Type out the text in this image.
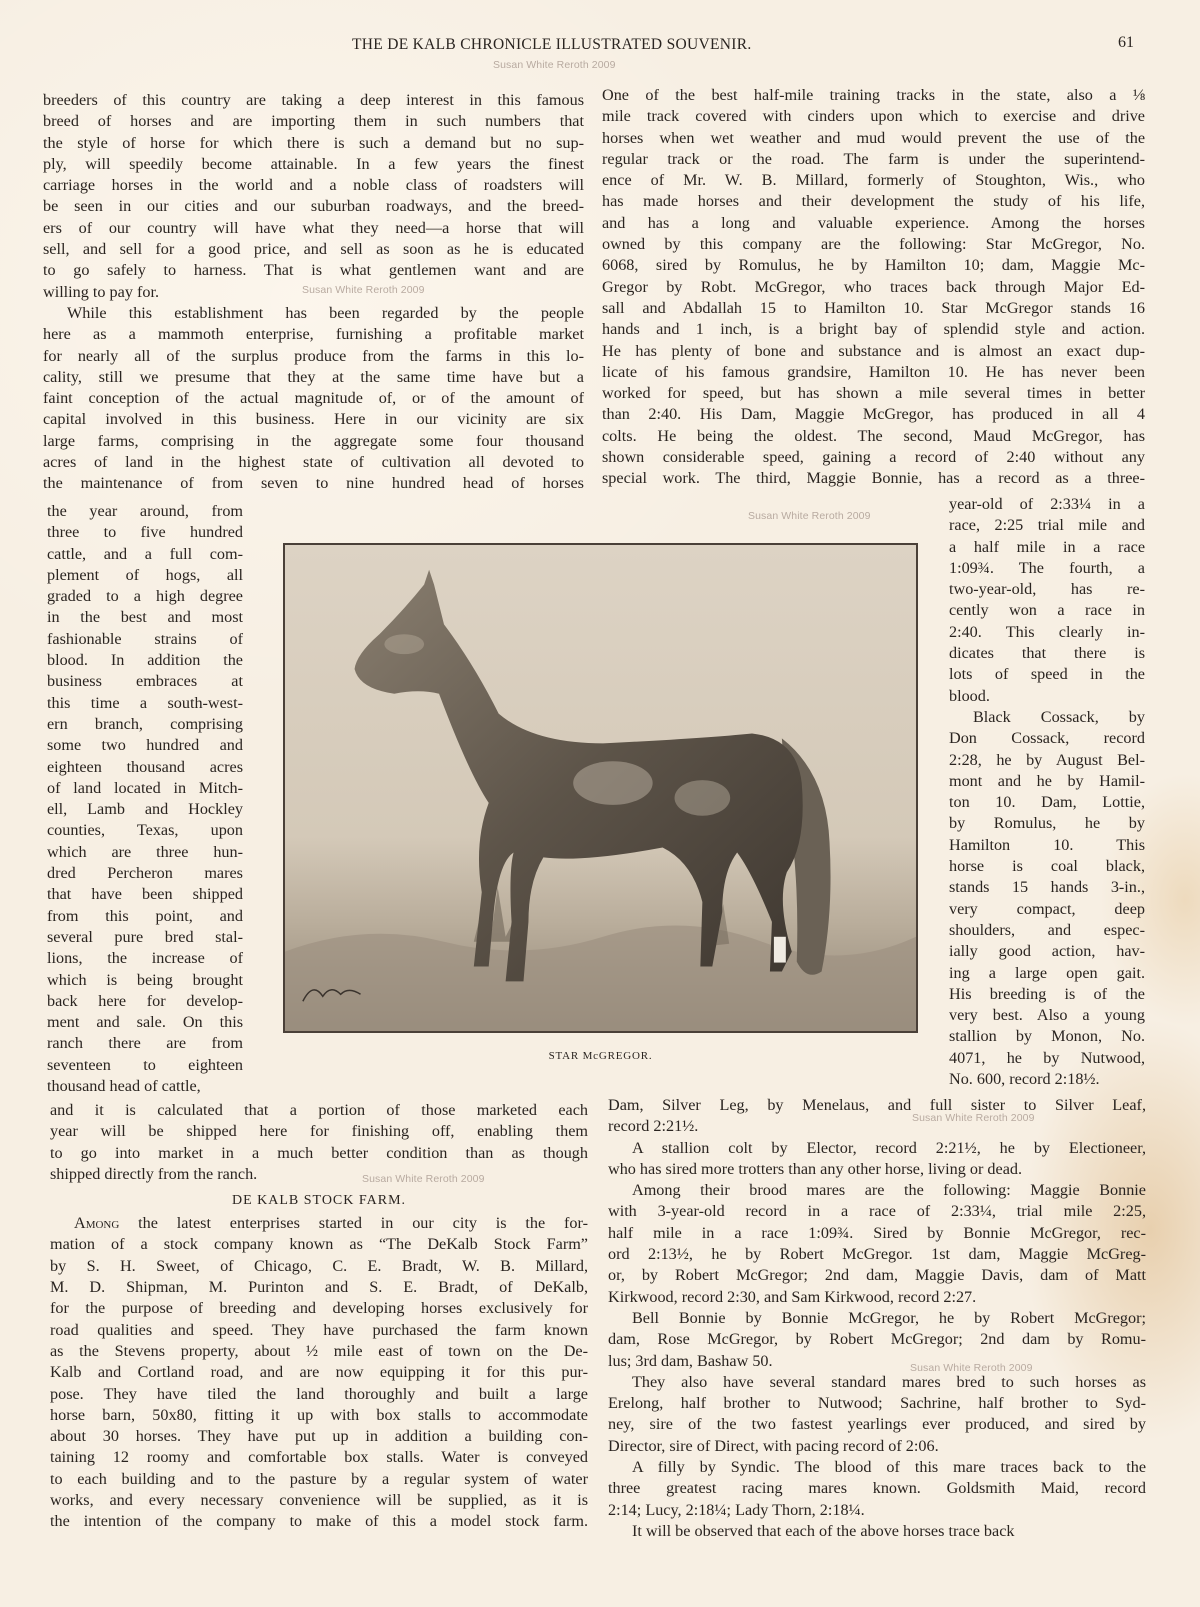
THE DE KALB CHRONICLE ILLUSTRATED SOUVENIR.	61
Susan White Reroth 2009
Susan White Reroth 2009
Susan White Reroth 2009
Susan White Reroth 2009
Susan White Reroth 2009
Susan White Reroth 2009
breeders of this country are taking a deep interest in this famous
breed of horses and are importing them in such numbers that
the style of horse for which there is such a demand but no sup-
ply, will speedily become attainable. In a few years the finest
carriage horses in the world and a noble class of roadsters will
be seen in our cities and our suburban roadways, and the breed-
ers of our country will have what they need—a horse that will
sell, and sell for a good price, and sell as soon as he is educated
to go safely to harness. That is what gentlemen want and are
willing to pay for.
While this establishment has been regarded by the people
here as a mammoth enterprise, furnishing a profitable market
for nearly all of the surplus produce from the farms in this lo-
cality, still we presume that they at the same time have but a
faint conception of the actual magnitude of, or of the amount of
capital involved in this business. Here in our vicinity are six
large farms, comprising in the aggregate some four thousand
acres of land in the highest state of cultivation all devoted to
the maintenance of from seven to nine hundred head of horses
the year around, from
three to five hundred
cattle, and a full com-
plement of hogs, all
graded to a high degree
in the best and most
fashionable strains of
blood. In addition the
business embraces at
this time a south-west-
ern branch, comprising
some two hundred and
eighteen thousand acres
of land located in Mitch-
ell, Lamb and Hockley
counties, Texas, upon
which are three hun-
dred Percheron mares
that have been shipped
from this point, and
several pure bred stal-
lions, the increase of
which is being brought
back here for develop-
ment and sale. On this
ranch there are from
seventeen to eighteen
thousand head of cattle,
One of the best half-mile training tracks in the state, also a ⅛
mile track covered with cinders upon which to exercise and drive
horses when wet weather and mud would prevent the use of the
regular track or the road. The farm is under the superintend-
ence of Mr. W. B. Millard, formerly of Stoughton, Wis., who
has made horses and their development the study of his life,
and has a long and valuable experience. Among the horses
owned by this company are the following: Star McGregor, No.
6068, sired by Romulus, he by Hamilton 10; dam, Maggie Mc-
Gregor by Robt. McGregor, who traces back through Major Ed-
sall and Abdallah 15 to Hamilton 10. Star McGregor stands 16
hands and 1 inch, is a bright bay of splendid style and action.
He has plenty of bone and substance and is almost an exact dup-
licate of his famous grandsire, Hamilton 10. He has never been
worked for speed, but has shown a mile several times in better
than 2:40. His Dam, Maggie McGregor, has produced in all 4
colts. He being the oldest. The second, Maud McGregor, has
shown considerable speed, gaining a record of 2:40 without any
special work. The third, Maggie Bonnie, has a record as a three-
year-old of 2:33¼ in a
race, 2:25 trial mile and
a half mile in a race
1:09¾. The fourth, a
two-year-old, has re-
cently won a race in
2:40. This clearly in-
dicates that there is
lots of speed in the
blood.
Black Cossack, by
Don Cossack, record
2:28, he by August Bel-
mont and he by Hamil-
ton 10. Dam, Lottie,
by Romulus, he by
Hamilton 10. This
horse is coal black,
stands 15 hands 3-in.,
very compact, deep
shoulders, and espec-
ially good action, hav-
ing a large open gait.
His breeding is of the
very best. Also a young
stallion by Monon, No.
4071, he by Nutwood,
No. 600, record 2:18½.
STAR McGREGOR.
and it is calculated that a portion of those marketed each
year will be shipped here for finishing off, enabling them
to go into market in a much better condition than as though
shipped directly from the ranch.
DE KALB STOCK FARM.
Among the latest enterprises started in our city is the for-
mation of a stock company known as “The DeKalb Stock Farm”
by S. H. Sweet, of Chicago, C. E. Bradt, W. B. Millard,
M. D. Shipman, M. Purinton and S. E. Bradt, of DeKalb,
for the purpose of breeding and developing horses exclusively for
road qualities and speed. They have purchased the farm known
as the Stevens property, about ½ mile east of town on the De-
Kalb and Cortland road, and are now equipping it for this pur-
pose. They have tiled the land thoroughly and built a large
horse barn, 50x80, fitting it up with box stalls to accommodate
about 30 horses. They have put up in addition a building con-
taining 12 roomy and comfortable box stalls. Water is conveyed
to each building and to the pasture by a regular system of water
works, and every necessary convenience will be supplied, as it is
the intention of the company to make of this a model stock farm.
Dam, Silver Leg, by Menelaus, and full sister to Silver Leaf,
record 2:21½.
A stallion colt by Elector, record 2:21½, he by Electioneer,
who has sired more trotters than any other horse, living or dead.
Among their brood mares are the following: Maggie Bonnie
with 3-year-old record in a race of 2:33¼, trial mile 2:25,
half mile in a race 1:09¾. Sired by Bonnie McGregor, rec-
ord 2:13½, he by Robert McGregor. 1st dam, Maggie McGreg-
or, by Robert McGregor; 2nd dam, Maggie Davis, dam of Matt
Kirkwood, record 2:30, and Sam Kirkwood, record 2:27.
Bell Bonnie by Bonnie McGregor, he by Robert McGregor;
dam, Rose McGregor, by Robert McGregor; 2nd dam by Romu-
lus; 3rd dam, Bashaw 50.
They also have several standard mares bred to such horses as
Erelong, half brother to Nutwood; Sachrine, half brother to Syd-
ney, sire of the two fastest yearlings ever produced, and sired by
Director, sire of Direct, with pacing record of 2:06.
A filly by Syndic. The blood of this mare traces back to the
three greatest racing mares known. Goldsmith Maid, record
2:14; Lucy, 2:18¼; Lady Thorn, 2:18¼.
It will be observed that each of the above horses trace back
